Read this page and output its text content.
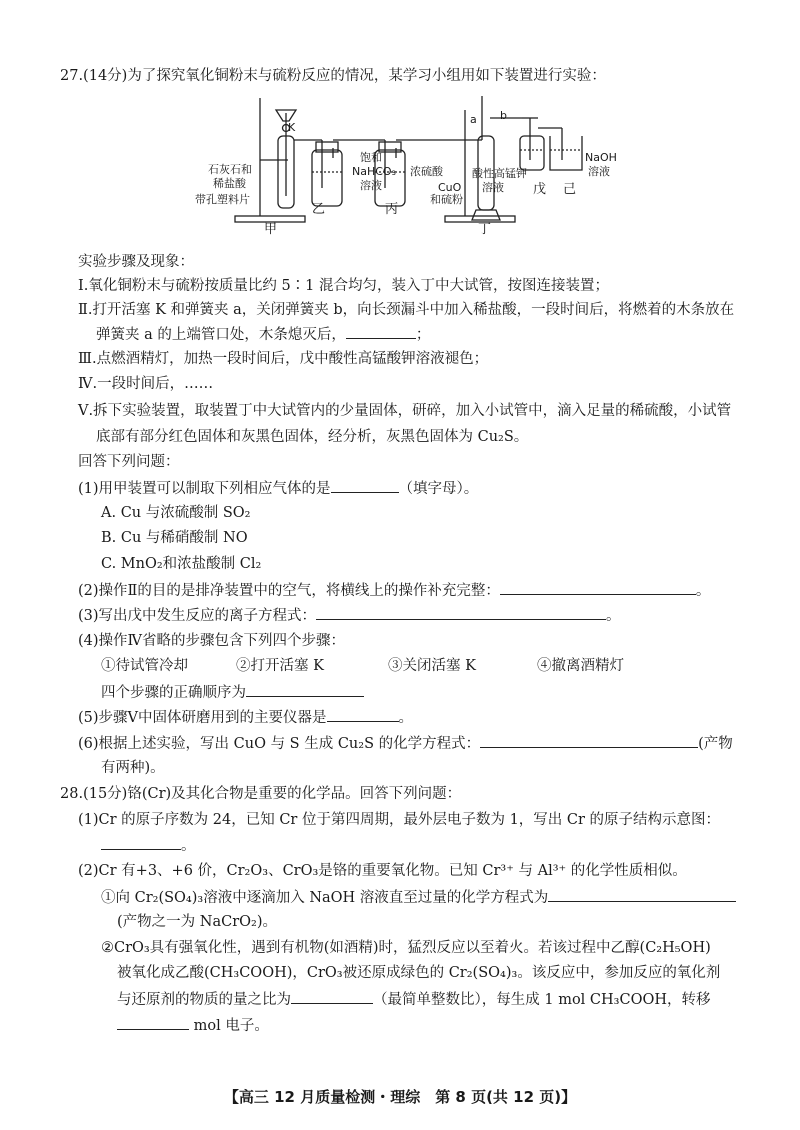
27.(14分)为了探究氧化铜粉末与硫粉反应的情况，某学习小组用如下装置进行实验：
K
a b
石灰石和
稀盐酸
带孔塑料片
饱和
NaHCO₃
溶液
浓硫酸
CuO
和硫粉
酸性高锰钾
溶液
NaOH
溶液
乙	丙
戊 己
甲	丁
实验步骤及现象：
Ⅰ.氧化铜粉末与硫粉按质量比约 5∶1 混合均匀，装入丁中大试管，按图连接装置；
Ⅱ.打开活塞 K 和弹簧夹 a，关闭弹簧夹 b，向长颈漏斗中加入稀盐酸，一段时间后，将燃着的木条放在
弹簧夹 a 的上端管口处，木条熄灭后，	；
Ⅲ.点燃酒精灯，加热一段时间后，戊中酸性高锰酸钾溶液褪色；
Ⅳ.一段时间后，……
Ⅴ.拆下实验装置，取装置丁中大试管内的少量固体，研碎，加入小试管中，滴入足量的稀硫酸，小试管
底部有部分红色固体和灰黑色固体，经分析，灰黑色固体为 Cu₂S。
回答下列问题：
(1)用甲装置可以制取下列相应气体的是	（填字母）。
A. Cu 与浓硫酸制 SO₂
B. Cu 与稀硝酸制 NO
C. MnO₂和浓盐酸制 Cl₂
(2)操作Ⅱ的目的是排净装置中的空气，将横线上的操作补充完整：	。
(3)写出戊中发生反应的离子方程式：	。
(4)操作Ⅳ省略的步骤包含下列四个步骤：
①待试管冷却	②打开活塞 K	③关闭活塞 K	④撤离酒精灯
四个步骤的正确顺序为
(5)步骤Ⅴ中固体研磨用到的主要仪器是	。
(6)根据上述实验，写出 CuO 与 S 生成 Cu₂S 的化学方程式：	(产物
有两种)。
28.(15分)铬(Cr)及其化合物是重要的化学品。回答下列问题：
(1)Cr 的原子序数为 24，已知 Cr 位于第四周期，最外层电子数为 1，写出 Cr 的原子结构示意图：
。
(2)Cr 有+3、+6 价，Cr₂O₃、CrO₃是铬的重要氧化物。已知 Cr³⁺ 与 Al³⁺ 的化学性质相似。
①向 Cr₂(SO₄)₃溶液中逐滴加入 NaOH 溶液直至过量的化学方程式为
(产物之一为 NaCrO₂)。
②CrO₃具有强氧化性，遇到有机物(如酒精)时，猛烈反应以至着火。若该过程中乙醇(C₂H₅OH)
被氧化成乙酸(CH₃COOH)，CrO₃被还原成绿色的 Cr₂(SO₄)₃。该反应中，参加反应的氧化剂
与还原剂的物质的量之比为	（最简单整数比），每生成 1 mol CH₃COOH，转移
mol 电子。
【高三 12 月质量检测・理综　第 8 页(共 12 页)】
